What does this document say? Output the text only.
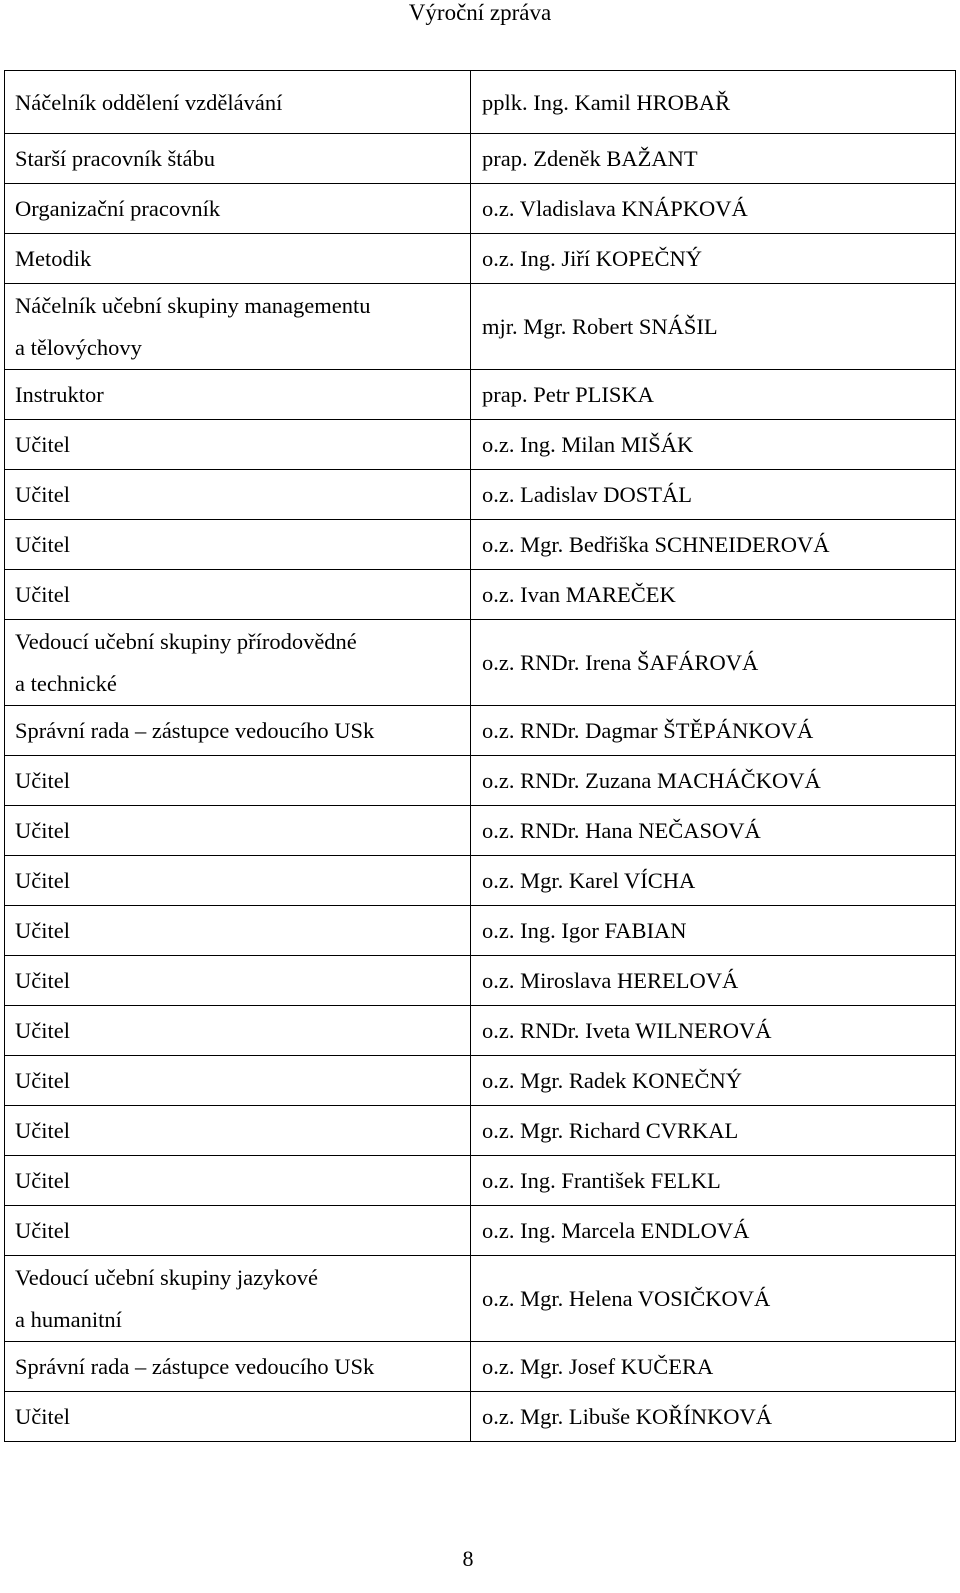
Výroční zpráva
Náčelník oddělení vzdělávání	pplk. Ing. Kamil HROBAŘ

Starší pracovník štábu	prap. Zdeněk BAŽANT

Organizační pracovník	o.z. Vladislava KNÁPKOVÁ

Metodik	o.z. Ing. Jiří KOPEČNÝ

Náčelník učební skupiny managementu
a tělovýchovy	mjr. Mgr. Robert SNÁŠIL

Instruktor	prap. Petr PLISKA

Učitel	o.z. Ing. Milan MIŠÁK

Učitel	o.z. Ladislav DOSTÁL

Učitel	o.z. Mgr. Bedřiška SCHNEIDEROVÁ

Učitel	o.z. Ivan MAREČEK

Vedoucí učební skupiny přírodovědné
a technické	o.z. RNDr. Irena ŠAFÁROVÁ

Správní rada – zástupce vedoucího USk	o.z. RNDr. Dagmar ŠTĚPÁNKOVÁ

Učitel	o.z. RNDr. Zuzana MACHÁČKOVÁ

Učitel	o.z. RNDr. Hana NEČASOVÁ

Učitel	o.z. Mgr. Karel VÍCHA

Učitel	o.z. Ing. Igor FABIAN

Učitel	o.z. Miroslava HERELOVÁ

Učitel	o.z. RNDr. Iveta WILNEROVÁ

Učitel	o.z. Mgr. Radek KONEČNÝ

Učitel	o.z. Mgr. Richard CVRKAL

Učitel	o.z. Ing. František FELKL

Učitel	o.z. Ing. Marcela ENDLOVÁ

Vedoucí učební skupiny jazykové
a humanitní	o.z. Mgr. Helena VOSIČKOVÁ

Správní rada – zástupce vedoucího USk	o.z. Mgr. Josef KUČERA

Učitel	o.z. Mgr. Libuše KOŘÍNKOVÁ
8
